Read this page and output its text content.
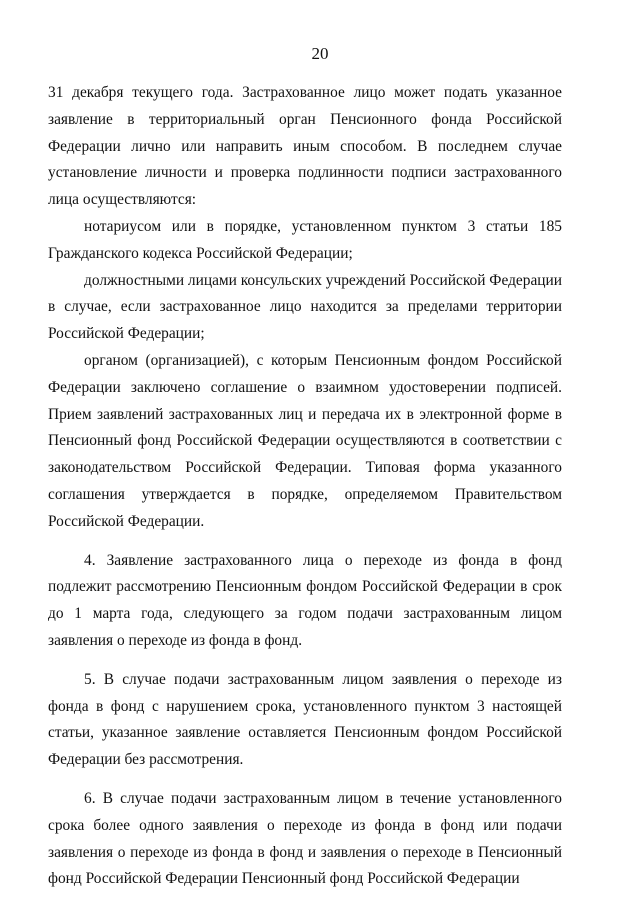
20

31 декабря текущего года. Застрахованное лицо может подать указанное заявление в территориальный орган Пенсионного фонда Российской Федерации лично или направить иным способом. В последнем случае установление личности и проверка подлинности подписи застрахованного лица осуществляются:

нотариусом или в порядке, установленном пунктом 3 статьи 185 Гражданского кодекса Российской Федерации;

должностными лицами консульских учреждений Российской Федерации в случае, если застрахованное лицо находится за пределами территории Российской Федерации;

органом (организацией), с которым Пенсионным фондом Российской Федерации заключено соглашение о взаимном удостоверении подписей. Прием заявлений застрахованных лиц и передача их в электронной форме в Пенсионный фонд Российской Федерации осуществляются в соответствии с законодательством Российской Федерации. Типовая форма указанного соглашения утверждается в порядке, определяемом Правительством Российской Федерации.

4. Заявление застрахованного лица о переходе из фонда в фонд подлежит рассмотрению Пенсионным фондом Российской Федерации в срок до 1 марта года, следующего за годом подачи застрахованным лицом заявления о переходе из фонда в фонд.

5. В случае подачи застрахованным лицом заявления о переходе из фонда в фонд с нарушением срока, установленного пунктом 3 настоящей статьи, указанное заявление оставляется Пенсионным фондом Российской Федерации без рассмотрения.

6. В случае подачи застрахованным лицом в течение установленного срока более одного заявления о переходе из фонда в фонд или подачи заявления о переходе из фонда в фонд и заявления о переходе в Пенсионный фонд Российской Федерации Пенсионный фонд Российской Федерации
